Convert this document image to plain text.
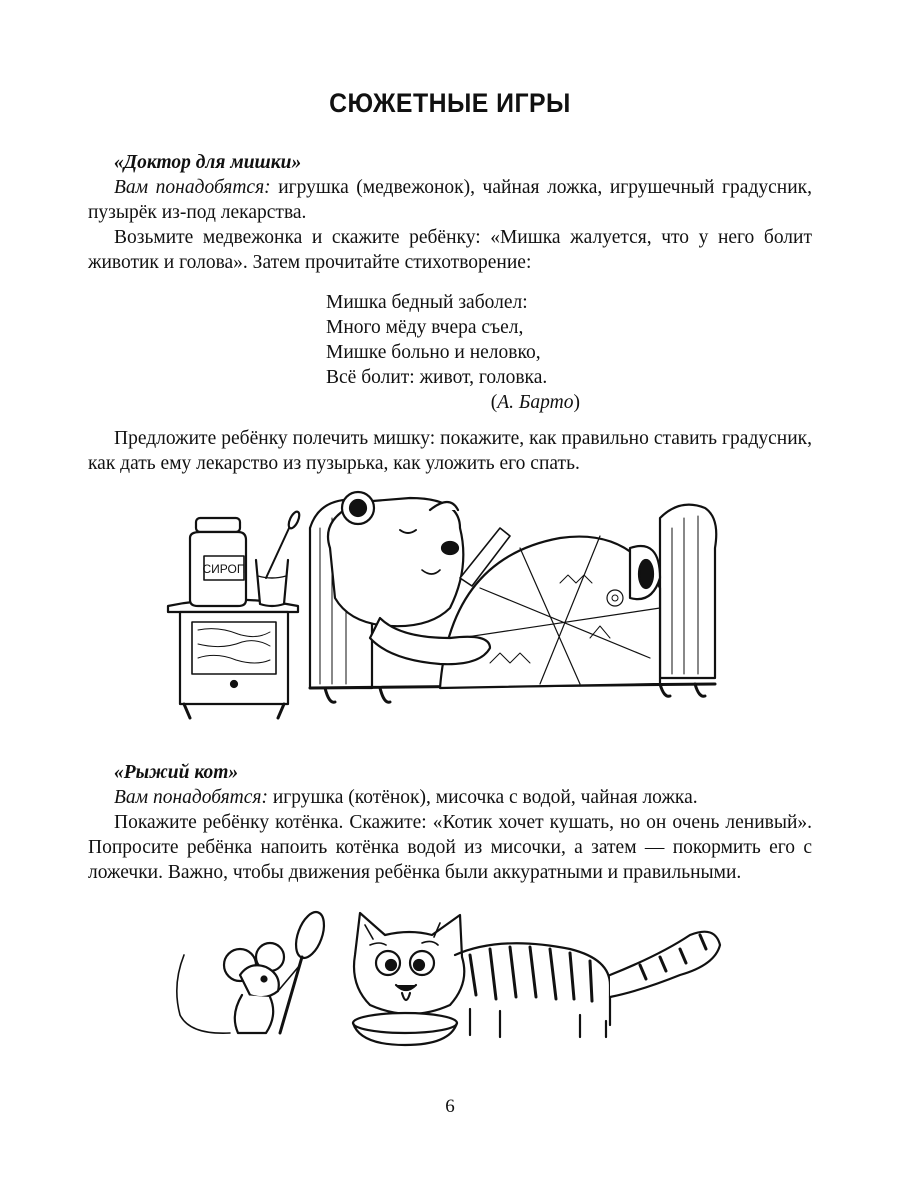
СЮЖЕТНЫЕ ИГРЫ

«Доктор для мишки»

Вам понадобятся: игрушка (медвежонок), чайная ложка, игрушечный градусник, пузырёк из-под лекарства.

Возьмите медвежонка и скажите ребёнку: «Мишка жалуется, что у него болит животик и голова». Затем прочитайте стихотворение:

Мишка бедный заболел:
Много мёду вчера съел,
Мишке больно и неловко,
Всё болит: живот, головка.
(А. Барто)

Предложите ребёнку полечить мишку: покажите, как правильно ставить градусник, как дать ему лекарство из пузырька, как уложить его спать.

СИРОП

«Рыжий кот»

Вам понадобятся: игрушка (котёнок), мисочка с водой, чайная ложка.

Покажите ребёнку котёнка. Скажите: «Котик хочет кушать, но он очень ленивый». Попросите ребёнка напоить котёнка водой из мисочки, а затем — покормить его с ложечки. Важно, чтобы движения ребёнка были аккуратными и правильными.

6
